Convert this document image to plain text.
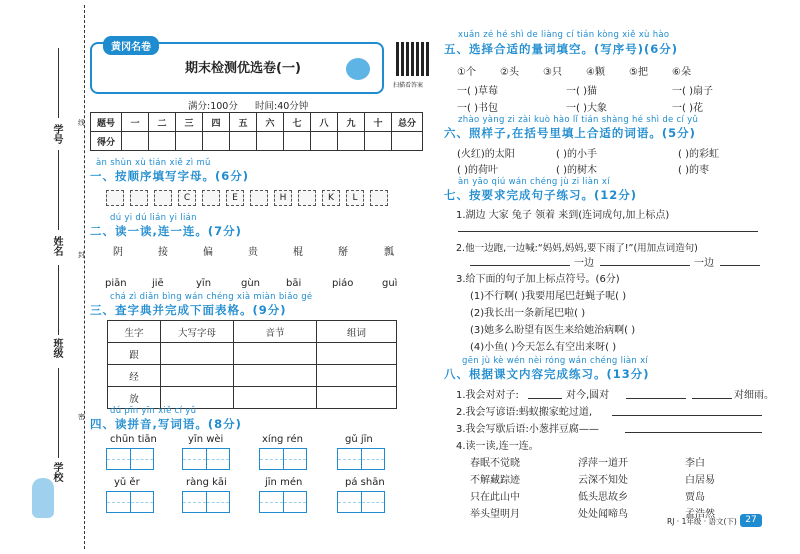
学号
姓名
班级
学校
线
封
密
黄冈名卷
期末检测优选卷(一)
扫描看答案
满分:100分 时间:40分钟
题号	一	二	三	四	五	六	七	八	九	十	总分
得分											
àn shùn xù tián xiě zì mǔ
一、按顺序填写字母。(6分)
C	E	H	K	L
dú yi dú lián yi lián
二、读一读,连一连。(7分)
阴	接	偏	贵	棍	掰	瓢
piān	jiē	yīn	gùn	bāi	piáo	guì
chá zì diǎn bìng wán chéng xià miàn biǎo gé
三、查字典并完成下面表格。(9分)
生字	大写字母	音节	组词
跟			
经			
放			
dú pīn yīn xiě cí yǔ
四、读拼音,写词语。(8分)
chūn tiān	yīn wèi	xíng rén	gǔ jīn
yǔ ěr	ràng kāi	jīn mén	pá shān
xuǎn zé hé shì de liàng cí tián kòng xiě xù hào
五、选择合适的量词填空。(写序号)(6分)
①个 ②头 ③只 ④颗 ⑤把 ⑥朵
一( )草莓	一( )猫	一( )扇子
一( )书包	一( )大象	一( )花
zhào yàng zi zài kuò hào lǐ tián shàng hé shì de cí yǔ
六、照样子,在括号里填上合适的词语。(5分)
(火红)的太阳	( )的小手	( )的彩虹
( )的荷叶	( )的树木	( )的枣
àn yāo qiú wán chéng jù zi liàn xí
七、按要求完成句子练习。(12分)
1.湖边 大家 兔子 领着 来到(连词成句,加上标点)
2.他一边跑,一边喊:“妈妈,妈妈,要下雨了!”(用加点词造句)
一边	一边
3.给下面的句子加上标点符号。(6分)
(1)不行啊( )我要用尾巴赶蝇子呢( )
(2)我长出一条新尾巴啦( )
(3)她多么盼望有医生来给她治病啊( )
(4)小鱼( )今天怎么有空出来呀( )
gēn jù kè wén nèi róng wán chéng liàn xí
八、根据课文内容完成练习。(13分)
1.我会对对子:	对今,圆对	对细雨。
2.我会写谚语:蚂蚁搬家蛇过道,
3.我会写歇后语:小葱拌豆腐——
4.读一读,连一连。
春眠不觉晓
不解藏踪迹
只在此山中
举头望明月
浮萍一道开
云深不知处
低头思故乡
处处闻啼鸟
李白
白居易
贾岛
孟浩然
RJ · 1年级 · 语文(下) 27
